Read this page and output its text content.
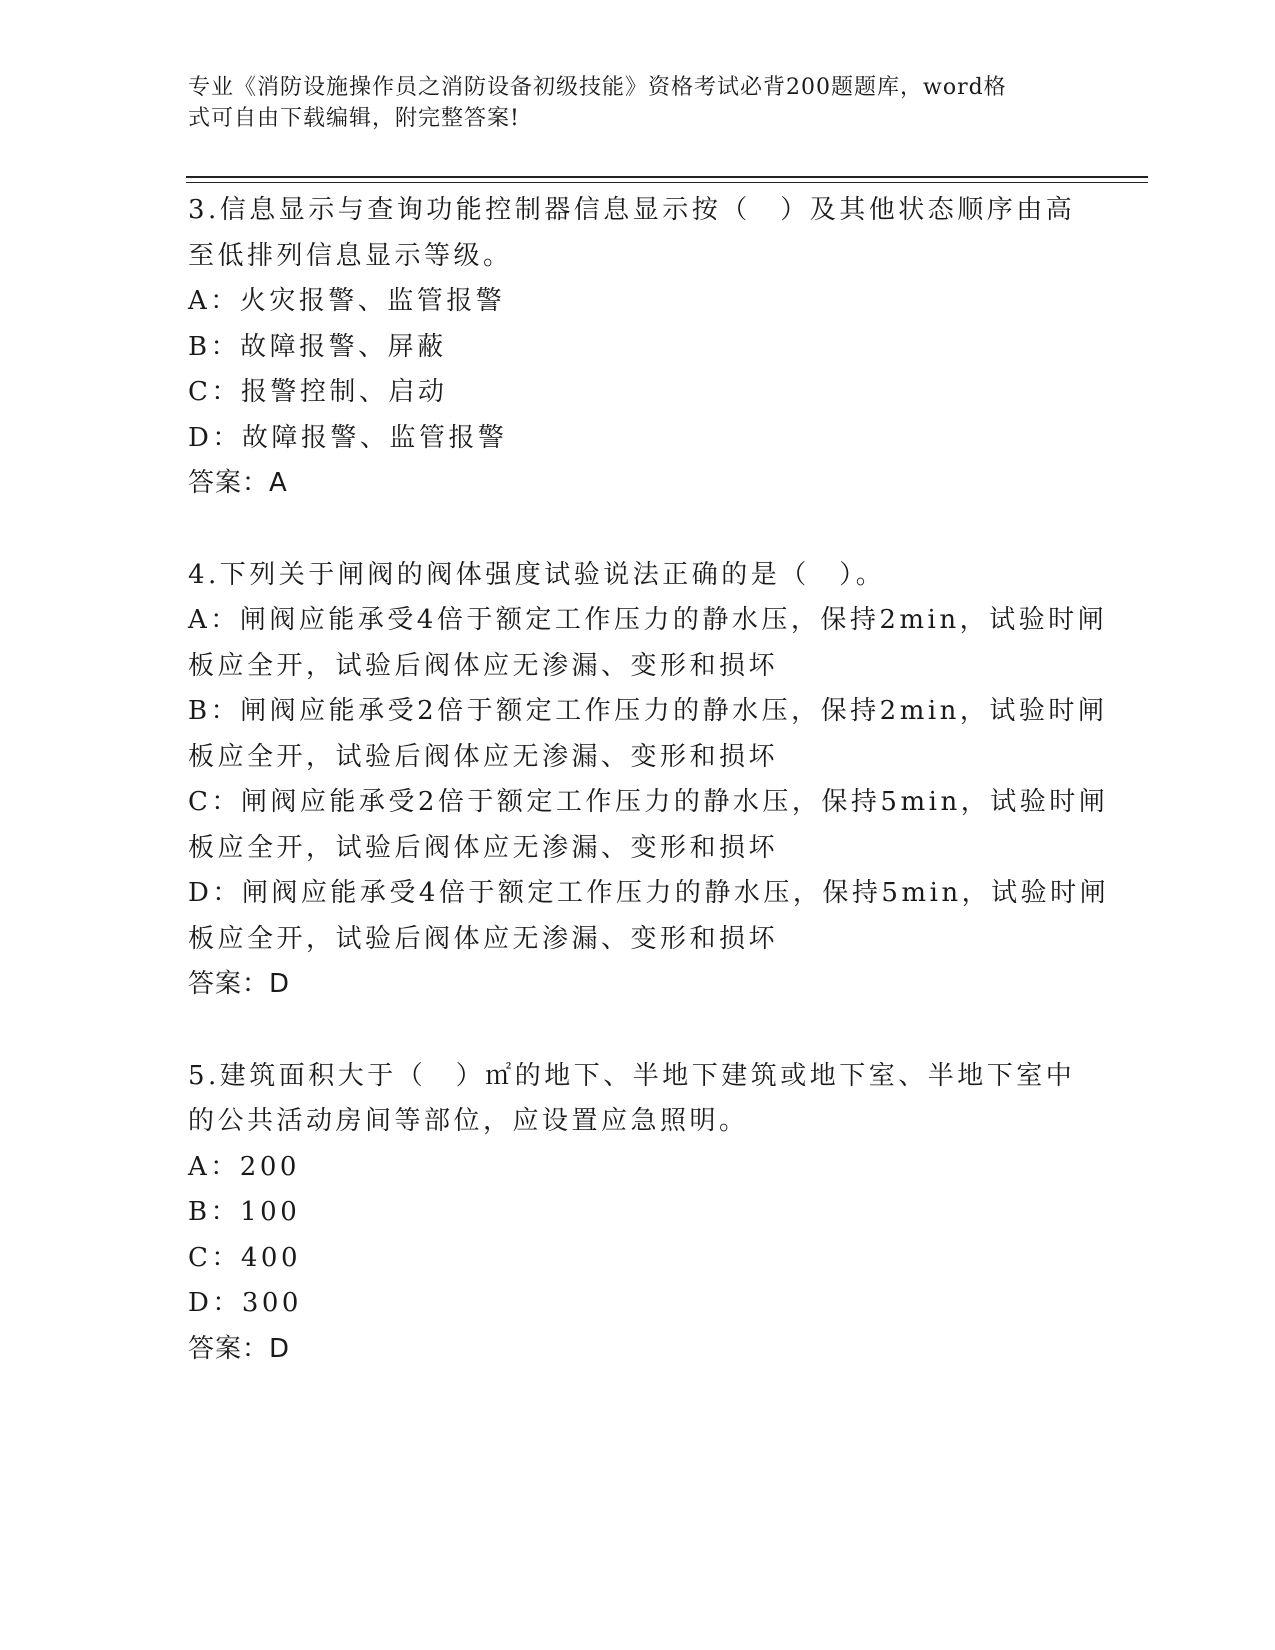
专业《消防设施操作员之消防设备初级技能》资格考试必背200题题库，word格
式可自由下载编辑，附完整答案!
3.信息显示与查询功能控制器信息显示按（　）及其他状态顺序由高
至低排列信息显示等级。
A：火灾报警、监管报警
B：故障报警、屏蔽
C：报警控制、启动
D：故障报警、监管报警
答案：A
4.下列关于闸阀的阀体强度试验说法正确的是（　）。
A：闸阀应能承受4倍于额定工作压力的静水压，保持2min，试验时闸
板应全开，试验后阀体应无渗漏、变形和损坏
B：闸阀应能承受2倍于额定工作压力的静水压，保持2min，试验时闸
板应全开，试验后阀体应无渗漏、变形和损坏
C：闸阀应能承受2倍于额定工作压力的静水压，保持5min，试验时闸
板应全开，试验后阀体应无渗漏、变形和损坏
D：闸阀应能承受4倍于额定工作压力的静水压，保持5min，试验时闸
板应全开，试验后阀体应无渗漏、变形和损坏
答案：D
5.建筑面积大于（　）㎡的地下、半地下建筑或地下室、半地下室中
的公共活动房间等部位，应设置应急照明。
A：200
B：100
C：400
D：300
答案：D
